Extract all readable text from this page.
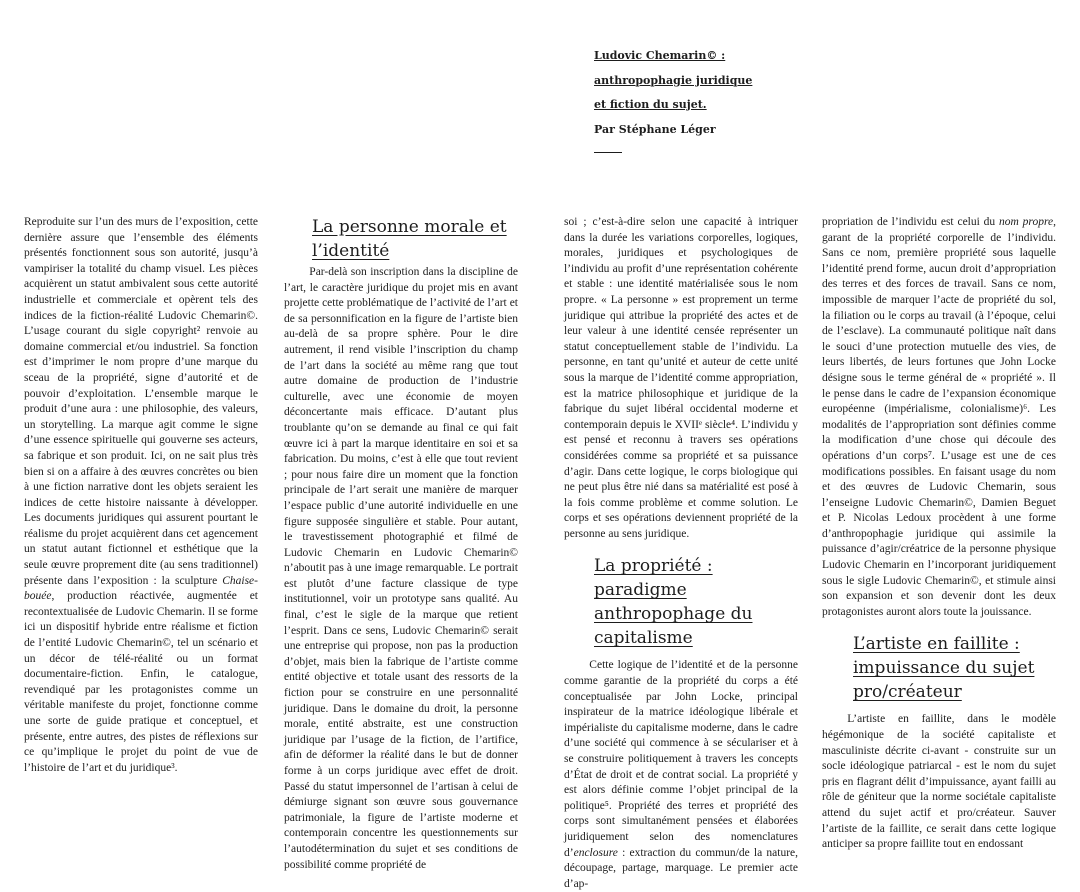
Ludovic Chemarin© :
anthropophagie juridique
et fiction du sujet.
Par Stéphane Léger

Reproduite sur l’un des murs de l’exposition, cette dernière assure que l’ensemble des éléments présentés fonctionnent sous son autorité, jusqu’à vampiriser la totalité du champ visuel. Les pièces acquièrent un statut ambivalent sous cette autorité industrielle et commerciale et opèrent tels des indices de la fiction-réalité Ludovic Chemarin©. L’usage courant du sigle copyright² renvoie au domaine commercial et/ou industriel. Sa fonction est d’imprimer le nom propre d’une marque du sceau de la propriété, signe d’autorité et de pouvoir d’exploitation. L’ensemble marque le produit d’une aura : une philosophie, des valeurs, un storytelling. La marque agit comme le signe d’une essence spirituelle qui gouverne ses acteurs, sa fabrique et son produit. Ici, on ne sait plus très bien si on a affaire à des œuvres concrètes ou bien à une fiction narrative dont les objets seraient les indices de cette histoire naissante à développer. Les documents juridiques qui assurent pourtant le réalisme du projet acquièrent dans cet agencement un statut autant fictionnel et esthétique que la seule œuvre proprement dite (au sens traditionnel) présente dans l’exposition : la sculpture Chaise-bouée, production réactivée, augmentée et recontextualisée de Ludovic Chemarin. Il se forme ici un dispositif hybride entre réalisme et fiction de l’entité Ludovic Chemarin©, tel un scénario et un décor de télé-réalité ou un format documentaire-fiction. Enfin, le catalogue, revendiqué par les protagonistes comme un véritable manifeste du projet, fonctionne comme une sorte de guide pratique et conceptuel, et présente, entre autres, des pistes de réflexions sur ce qu’implique le projet du point de vue de l’histoire de l’art et du juridique³.

La personne morale et l’identité

Par-delà son inscription dans la discipline de l’art, le caractère juridique du projet mis en avant projette cette problématique de l’activité de l’art et de sa personnification en la figure de l’artiste bien au-delà de sa propre sphère. Pour le dire autrement, il rend visible l’inscription du champ de l’art dans la société au même rang que tout autre domaine de production de l’industrie culturelle, avec une économie de moyen déconcertante mais efficace. D’autant plus troublante qu’on se demande au final ce qui fait œuvre ici à part la marque identitaire en soi et sa fabrication. Du moins, c’est à elle que tout revient ; pour nous faire dire un moment que la fonction principale de l’art serait une manière de marquer l’espace public d’une autorité individuelle en une figure supposée singulière et stable. Pour autant, le travestissement photographié et filmé de Ludovic Chemarin en Ludovic Chemarin© n’aboutit pas à une image remarquable. Le portrait est plutôt d’une facture classique de type institutionnel, voir un prototype sans qualité. Au final, c’est le sigle de la marque que retient l’esprit. Dans ce sens, Ludovic Chemarin© serait une entreprise qui propose, non pas la production d’objet, mais bien la fabrique de l’artiste comme entité objective et totale usant des ressorts de la fiction pour se construire en une personnalité juridique. Dans le domaine du droit, la personne morale, entité abstraite, est une construction juridique par l’usage de la fiction, de l’artifice, afin de déformer la réalité dans le but de donner forme à un corps juridique avec effet de droit. Passé du statut impersonnel de l’artisan à celui de démiurge signant son œuvre sous gouvernance patrimoniale, la figure de l’artiste moderne et contemporain concentre les questionnements sur l’autodétermination du sujet et ses conditions de possibilité comme propriété de

soi ; c’est-à-dire selon une capacité à intriquer dans la durée les variations corporelles, logiques, morales, juridiques et psychologiques de l’individu au profit d’une représentation cohérente et stable : une identité matérialisée sous le nom propre. « La personne » est proprement un terme juridique qui attribue la propriété des actes et de leur valeur à une identité censée représenter un statut conceptuellement stable de l’individu. La personne, en tant qu’unité et auteur de cette unité sous la marque de l’identité comme appropriation, est la matrice philosophique et juridique de la fabrique du sujet libéral occidental moderne et contemporain depuis le XVIIᵉ siècle⁴. L’individu y est pensé et reconnu à travers ses opérations considérées comme sa propriété et sa puissance d’agir. Dans cette logique, le corps biologique qui ne peut plus être nié dans sa matérialité est posé à la fois comme problème et comme solution. Le corps et ses opérations deviennent propriété de la personne au sens juridique.

La propriété : paradigme anthropophage du capitalisme

Cette logique de l’identité et de la personne comme garantie de la propriété du corps a été conceptualisée par John Locke, principal inspirateur de la matrice idéologique libérale et impérialiste du capitalisme moderne, dans le cadre d’une société qui commence à se séculariser et à se construire politiquement à travers les concepts d’État de droit et de contrat social. La propriété y est alors définie comme l’objet principal de la politique⁵. Propriété des terres et propriété des corps sont simultanément pensées et élaborées juridiquement selon des nomenclatures d’enclosure : extraction du commun/de la nature, découpage, partage, marquage. Le premier acte d’ap-

propriation de l’individu est celui du nom propre, garant de la propriété corporelle de l’individu. Sans ce nom, première propriété sous laquelle l’identité prend forme, aucun droit d’appropriation des terres et des forces de travail. Sans ce nom, impossible de marquer l’acte de propriété du sol, la filiation ou le corps au travail (à l’époque, celui de l’esclave). La communauté politique naît dans le souci d’une protection mutuelle des vies, de leurs libertés, de leurs fortunes que John Locke désigne sous le terme général de « propriété ». Il le pense dans le cadre de l’expansion économique européenne (impérialisme, colonialisme)⁶. Les modalités de l’appropriation sont définies comme la modification d’une chose qui découle des opérations d’un corps⁷. L’usage est une de ces modifications possibles. En faisant usage du nom et des œuvres de Ludovic Chemarin, sous l’enseigne Ludovic Chemarin©, Damien Beguet et P. Nicolas Ledoux procèdent à une forme d’anthropophagie juridique qui assimile la puissance d’agir/créatrice de la personne physique Ludovic Chemarin en l’incorporant juridiquement sous le sigle Ludovic Chemarin©, et stimule ainsi son expansion et son devenir dont les deux protagonistes auront alors toute la jouissance.

L’artiste en faillite : impuissance du sujet pro/créateur

L’artiste en faillite, dans le modèle hégémonique de la société capitaliste et masculiniste décrite ci-avant - construite sur un socle idéologique patriarcal - est le nom du sujet pris en flagrant délit d’impuissance, ayant failli au rôle de géniteur que la norme sociétale capitaliste attend du sujet actif et pro/créateur. Sauver l’artiste de la faillite, ce serait dans cette logique anticiper sa propre faillite tout en endossant
